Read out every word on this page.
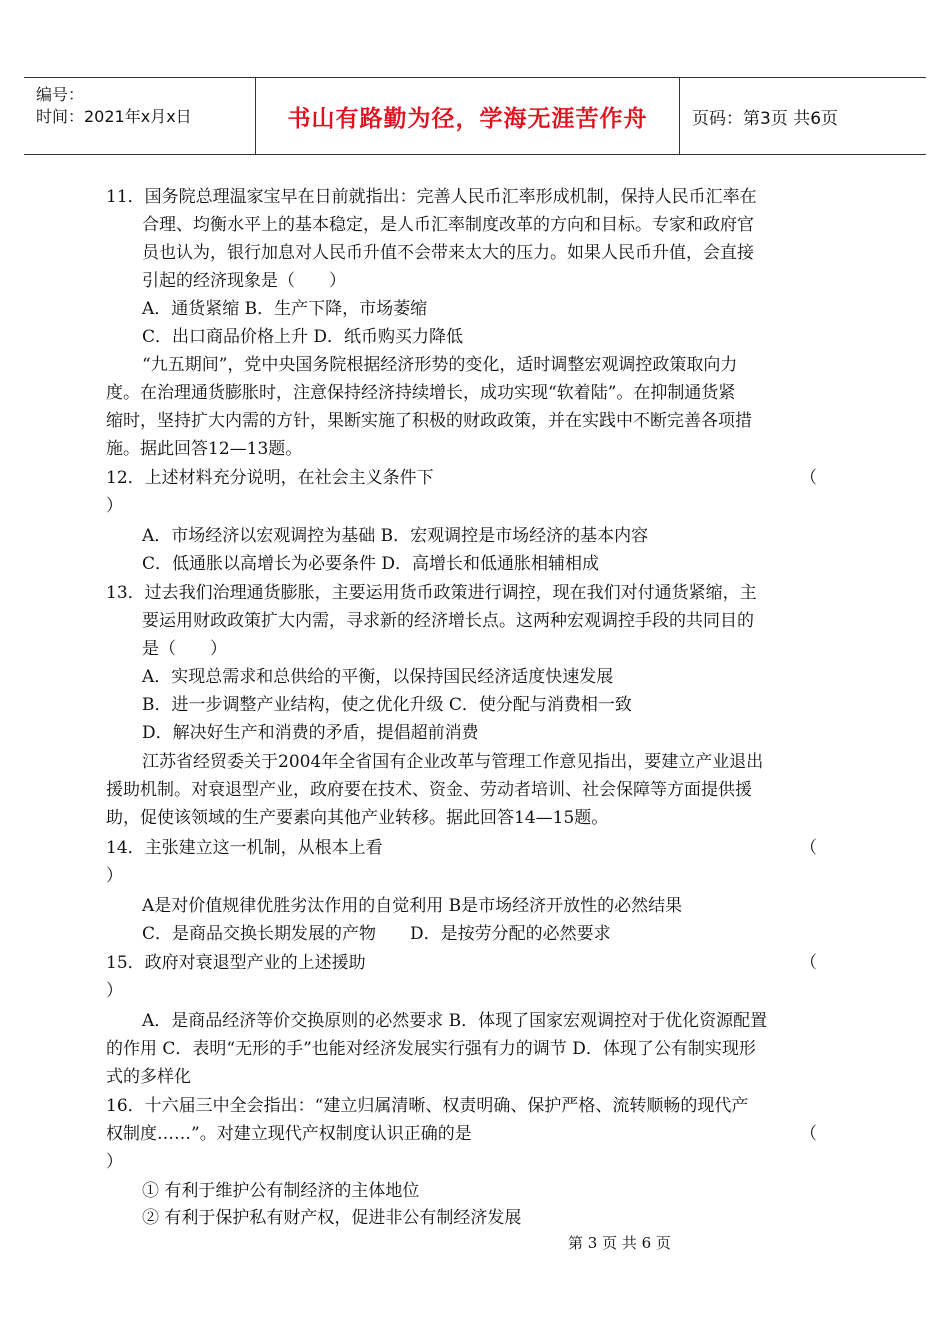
编号：
时间：2021年x月x日	书山有路勤为径，学海无涯苦作舟	页码：第3页 共6页
11．国务院总理温家宝早在日前就指出：完善人民币汇率形成机制，保持人民币汇率在
合理、均衡水平上的基本稳定，是人币汇率制度改革的方向和目标。专家和政府官
员也认为，银行加息对人民币升值不会带来太大的压力。如果人民币升值，会直接
引起的经济现象是（　　）
A．通货紧缩 B．生产下降，市场萎缩
C．出口商品价格上升 D．纸币购买力降低
“九五期间”，党中央国务院根据经济形势的变化，适时调整宏观调控政策取向力
度。在治理通货膨胀时，注意保持经济持续增长，成功实现“软着陆”。在抑制通货紧
缩时，坚持扩大内需的方针，果断实施了积极的财政政策，并在实践中不断完善各项措
施。据此回答12—13题。
12．上述材料充分说明，在社会主义条件下	（
）
A．市场经济以宏观调控为基础 B．宏观调控是市场经济的基本内容
C．低通胀以高增长为必要条件 D．高增长和低通胀相辅相成
13．过去我们治理通货膨胀，主要运用货币政策进行调控，现在我们对付通货紧缩，主
要运用财政政策扩大内需，寻求新的经济增长点。这两种宏观调控手段的共同目的
是（　　）
A．实现总需求和总供给的平衡，以保持国民经济适度快速发展
B．进一步调整产业结构，使之优化升级 C．使分配与消费相一致
D．解决好生产和消费的矛盾，提倡超前消费
江苏省经贸委关于2004年全省国有企业改革与管理工作意见指出，要建立产业退出
援助机制。对衰退型产业，政府要在技术、资金、劳动者培训、社会保障等方面提供援
助，促使该领域的生产要素向其他产业转移。据此回答14—15题。
14．主张建立这一机制，从根本上看	（
）
A是对价值规律优胜劣汰作用的自觉利用 B是市场经济开放性的必然结果
C．是商品交换长期发展的产物　　D．是按劳分配的必然要求
15．政府对衰退型产业的上述援助	（
）
A．是商品经济等价交换原则的必然要求 B．体现了国家宏观调控对于优化资源配置
的作用 C．表明“无形的手”也能对经济发展实行强有力的调节 D．体现了公有制实现形
式的多样化
16．十六届三中全会指出：“建立归属清晰、权责明确、保护严格、流转顺畅的现代产
权制度……”。对建立现代产权制度认识正确的是	（
）
① 有利于维护公有制经济的主体地位
② 有利于保护私有财产权，促进非公有制经济发展
第 3 页 共 6 页
